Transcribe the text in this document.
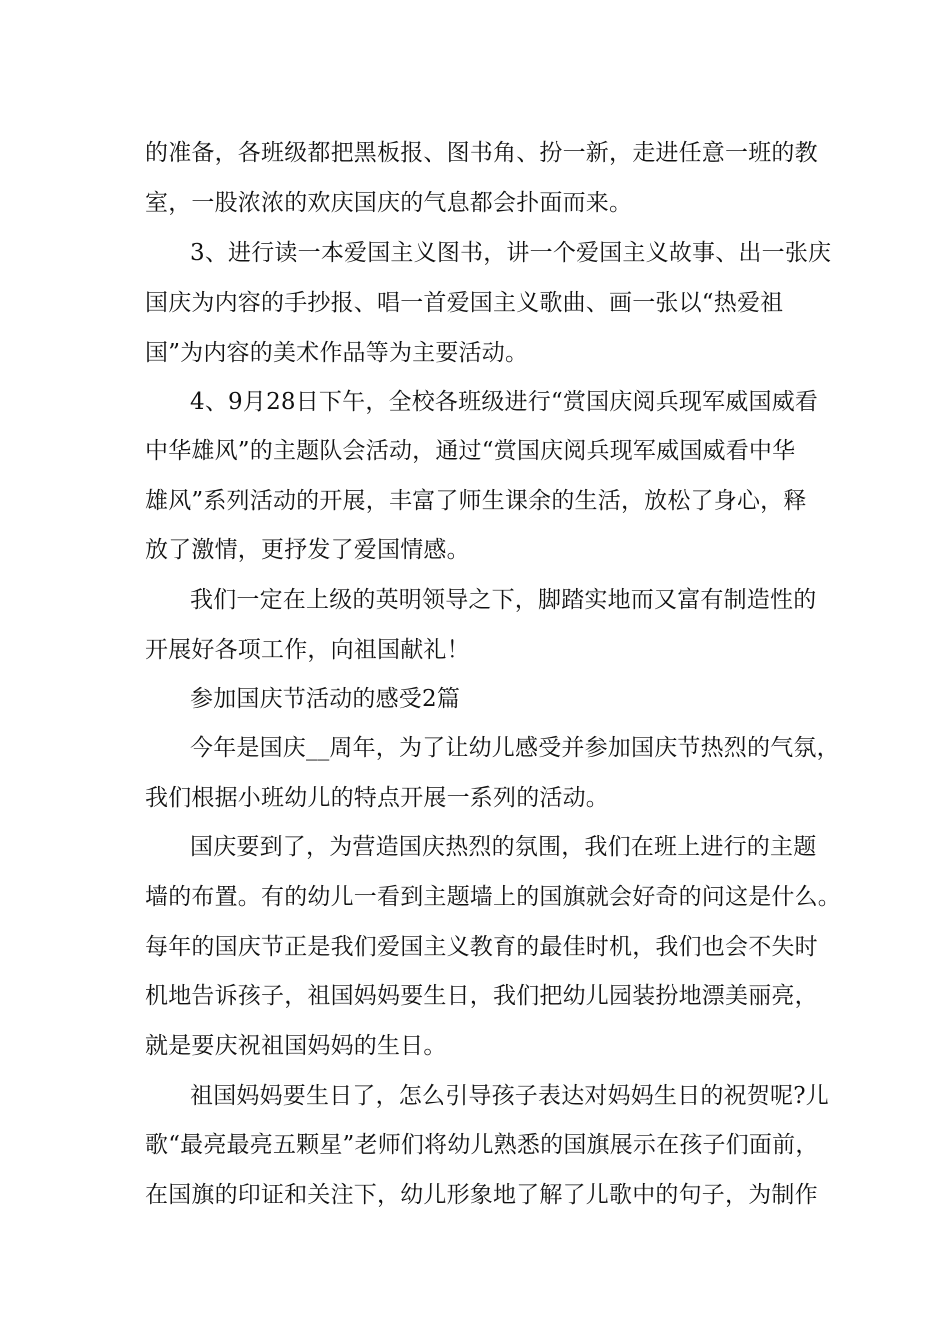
的准备，各班级都把黑板报、图书角、扮一新，走进任意一班的教
室，一股浓浓的欢庆国庆的气息都会扑面而来。
3、进行读一本爱国主义图书，讲一个爱国主义故事、出一张庆
国庆为内容的手抄报、唱一首爱国主义歌曲、画一张以“热爱祖
国”为内容的美术作品等为主要活动。
4、9月28日下午，全校各班级进行“赏国庆阅兵现军威国威看
中华雄风”的主题队会活动，通过“赏国庆阅兵现军威国威看中华
雄风”系列活动的开展，丰富了师生课余的生活，放松了身心，释
放了激情，更抒发了爱国情感。
我们一定在上级的英明领导之下，脚踏实地而又富有制造性的
开展好各项工作，向祖国献礼！
参加国庆节活动的感受2篇
今年是国庆__周年，为了让幼儿感受并参加国庆节热烈的气氛，
我们根据小班幼儿的特点开展一系列的活动。
国庆要到了，为营造国庆热烈的氛围，我们在班上进行的主题
墙的布置。有的幼儿一看到主题墙上的国旗就会好奇的问这是什么。
每年的国庆节正是我们爱国主义教育的最佳时机，我们也会不失时
机地告诉孩子，祖国妈妈要生日，我们把幼儿园装扮地漂美丽亮，
就是要庆祝祖国妈妈的生日。
祖国妈妈要生日了，怎么引导孩子表达对妈妈生日的祝贺呢?儿
歌“最亮最亮五颗星”老师们将幼儿熟悉的国旗展示在孩子们面前，
在国旗的印证和关注下，幼儿形象地了解了儿歌中的句子，为制作
